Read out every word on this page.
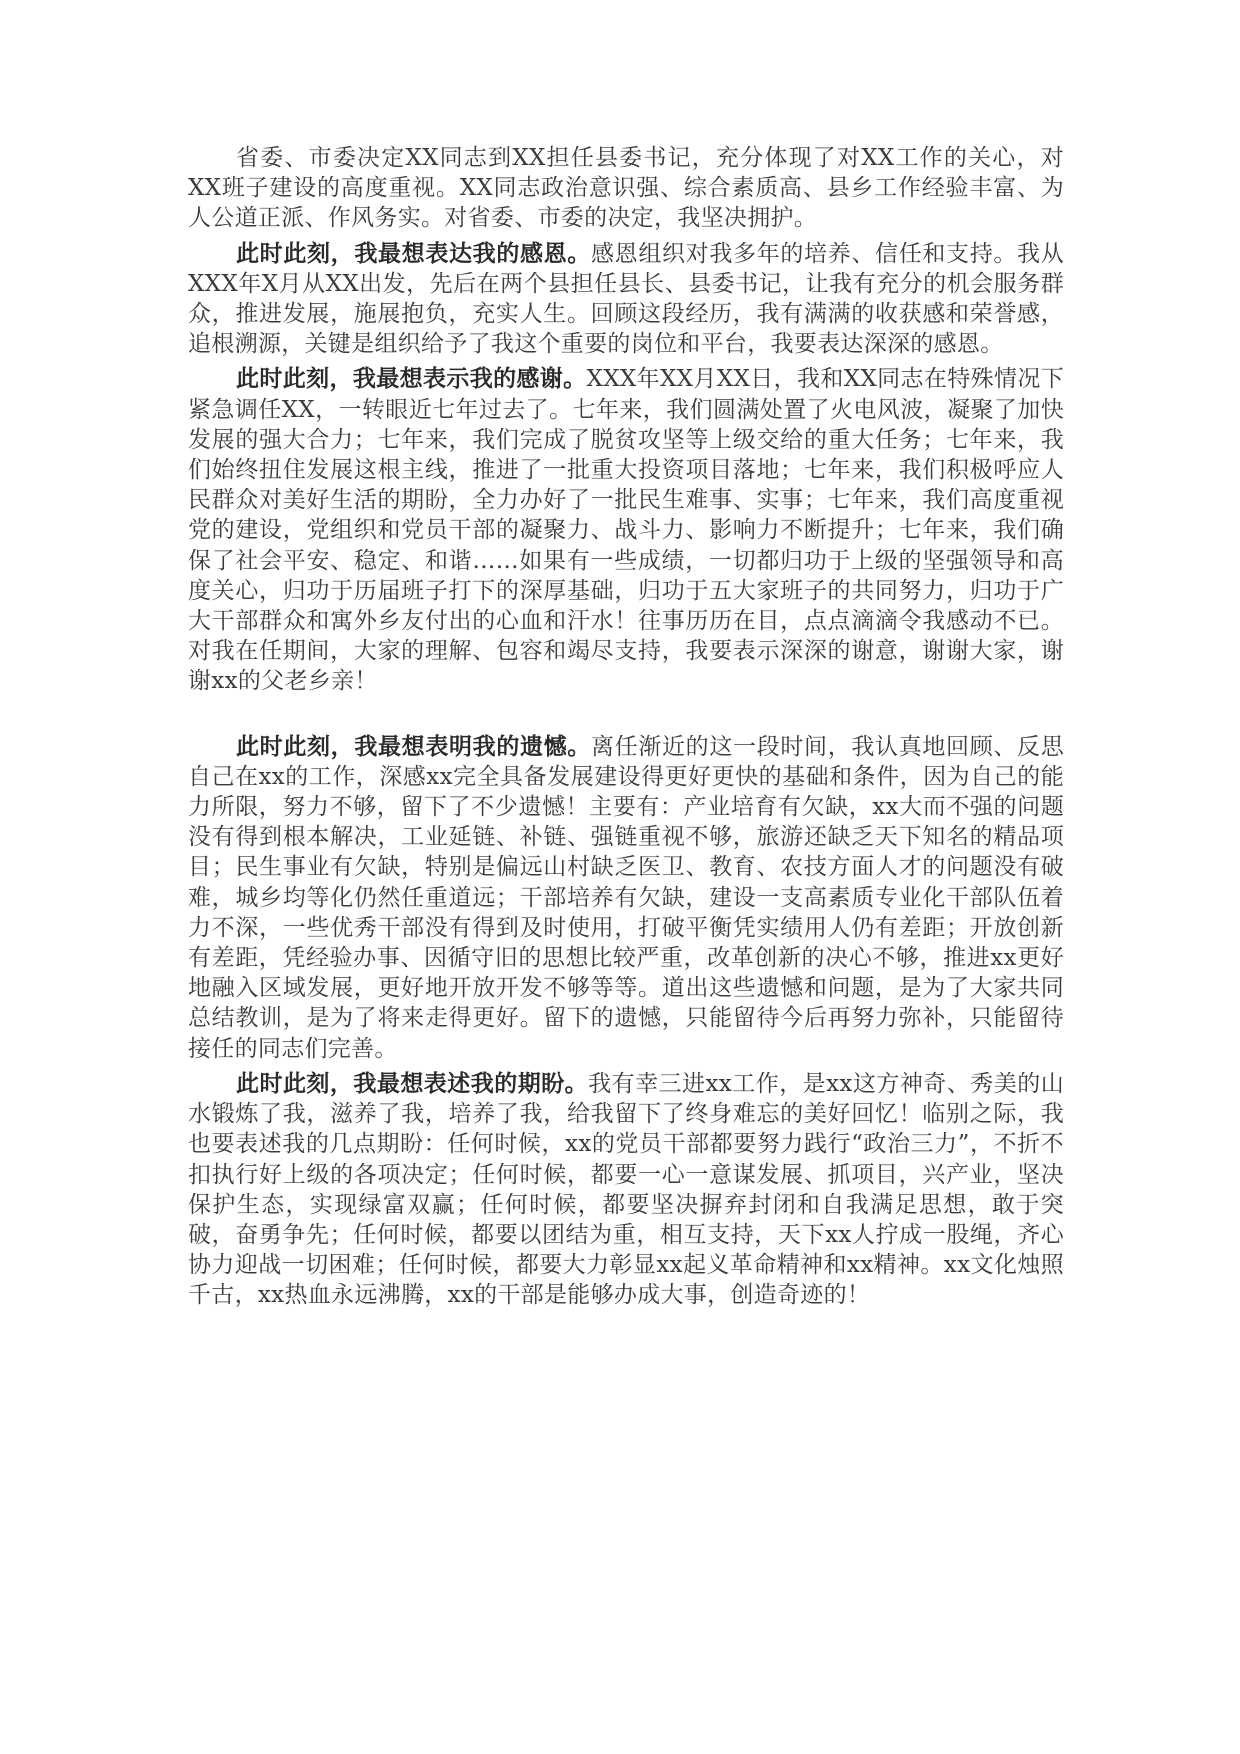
省委、市委决定XX同志到XX担任县委书记，充分体现了对XX工作的关心，对XX班子建设的高度重视。XX同志政治意识强、综合素质高、县乡工作经验丰富、为人公道正派、作风务实。对省委、市委的决定，我坚决拥护。

此时此刻，我最想表达我的感恩。感恩组织对我多年的培养、信任和支持。我从XXX年X月从XX出发，先后在两个县担任县长、县委书记，让我有充分的机会服务群众，推进发展，施展抱负，充实人生。回顾这段经历，我有满满的收获感和荣誉感，追根溯源，关键是组织给予了我这个重要的岗位和平台，我要表达深深的感恩。

此时此刻，我最想表示我的感谢。XXX年XX月XX日，我和XX同志在特殊情况下紧急调任XX，一转眼近七年过去了。七年来，我们圆满处置了火电风波，凝聚了加快发展的强大合力；七年来，我们完成了脱贫攻坚等上级交给的重大任务；七年来，我们始终扭住发展这根主线，推进了一批重大投资项目落地；七年来，我们积极呼应人民群众对美好生活的期盼，全力办好了一批民生难事、实事；七年来，我们高度重视党的建设，党组织和党员干部的凝聚力、战斗力、影响力不断提升；七年来，我们确保了社会平安、稳定、和谐……如果有一些成绩，一切都归功于上级的坚强领导和高度关心，归功于历届班子打下的深厚基础，归功于五大家班子的共同努力，归功于广大干部群众和寓外乡友付出的心血和汗水！往事历历在目，点点滴滴令我感动不已。对我在任期间，大家的理解、包容和竭尽支持，我要表示深深的谢意，谢谢大家，谢谢xx的父老乡亲！

此时此刻，我最想表明我的遗憾。离任渐近的这一段时间，我认真地回顾、反思自己在xx的工作，深感xx完全具备发展建设得更好更快的基础和条件，因为自己的能力所限，努力不够，留下了不少遗憾！主要有：产业培育有欠缺，xx大而不强的问题没有得到根本解决，工业延链、补链、强链重视不够，旅游还缺乏天下知名的精品项目；民生事业有欠缺，特别是偏远山村缺乏医卫、教育、农技方面人才的问题没有破难，城乡均等化仍然任重道远；干部培养有欠缺，建设一支高素质专业化干部队伍着力不深，一些优秀干部没有得到及时使用，打破平衡凭实绩用人仍有差距；开放创新有差距，凭经验办事、因循守旧的思想比较严重，改革创新的决心不够，推进xx更好地融入区域发展，更好地开放开发不够等等。道出这些遗憾和问题，是为了大家共同总结教训，是为了将来走得更好。留下的遗憾，只能留待今后再努力弥补，只能留待接任的同志们完善。

此时此刻，我最想表述我的期盼。我有幸三进xx工作，是xx这方神奇、秀美的山水锻炼了我，滋养了我，培养了我，给我留下了终身难忘的美好回忆！临别之际，我也要表述我的几点期盼：任何时候，xx的党员干部都要努力践行“政治三力”，不折不扣执行好上级的各项决定；任何时候，都要一心一意谋发展、抓项目，兴产业，坚决保护生态，实现绿富双赢；任何时候，都要坚决摒弃封闭和自我满足思想，敢于突破，奋勇争先；任何时候，都要以团结为重，相互支持，天下xx人拧成一股绳，齐心协力迎战一切困难；任何时候，都要大力彰显xx起义革命精神和xx精神。xx文化烛照千古，xx热血永远沸腾，xx的干部是能够办成大事，创造奇迹的！
